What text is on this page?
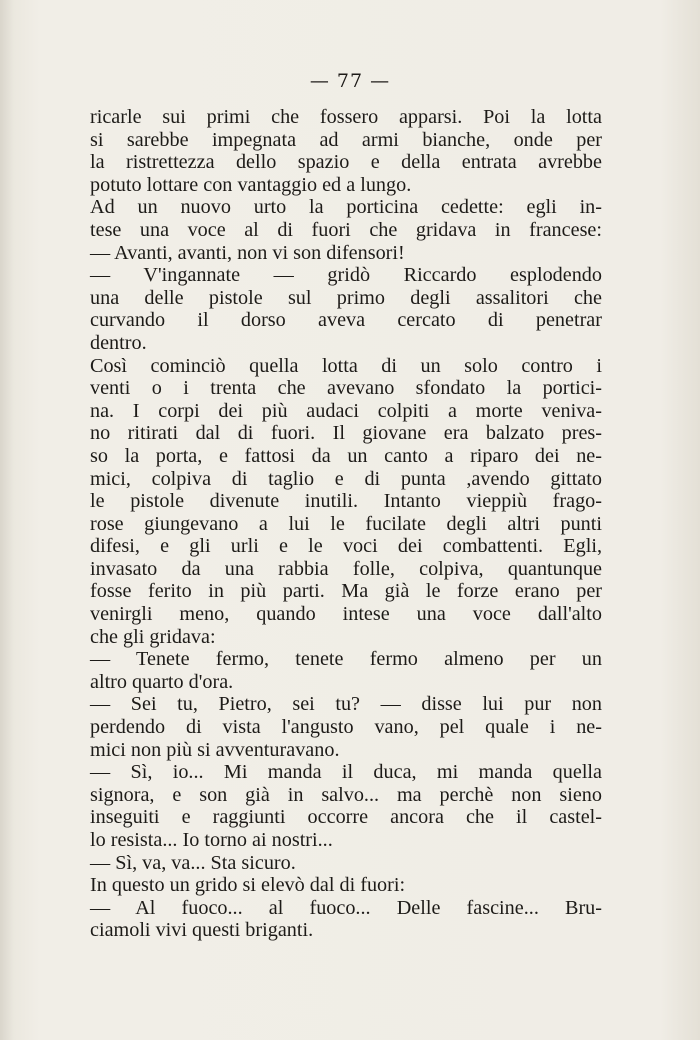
— 77 —
ricarle sui primi che fossero apparsi. Poi la lotta
si sarebbe impegnata ad armi bianche, onde per
la ristrettezza dello spazio e della entrata avrebbe
potuto lottare con vantaggio ed a lungo.
Ad un nuovo urto la porticina cedette: egli in-
tese una voce al di fuori che gridava in francese:
— Avanti, avanti, non vi son difensori!
— V'ingannate — gridò Riccardo esplodendo
una delle pistole sul primo degli assalitori che
curvando il dorso aveva cercato di penetrar
dentro.
Così cominciò quella lotta di un solo contro i
venti o i trenta che avevano sfondato la portici-
na. I corpi dei più audaci colpiti a morte veniva-
no ritirati dal di fuori. Il giovane era balzato pres-
so la porta, e fattosi da un canto a riparo dei ne-
mici, colpiva di taglio e di punta ,avendo gittato
le pistole divenute inutili. Intanto vieppiù frago-
rose giungevano a lui le fucilate degli altri punti
difesi, e gli urli e le voci dei combattenti. Egli,
invasato da una rabbia folle, colpiva, quantunque
fosse ferito in più parti. Ma già le forze erano per
venirgli meno, quando intese una voce dall'alto
che gli gridava:
— Tenete fermo, tenete fermo almeno per un
altro quarto d'ora.
— Sei tu, Pietro, sei tu? — disse lui pur non
perdendo di vista l'angusto vano, pel quale i ne-
mici non più si avventuravano.
— Sì, io... Mi manda il duca, mi manda quella
signora, e son già in salvo... ma perchè non sieno
inseguiti e raggiunti occorre ancora che il castel-
lo resista... Io torno ai nostri...
— Sì, va, va... Sta sicuro.
In questo un grido si elevò dal di fuori:
— Al fuoco... al fuoco... Delle fascine... Bru-
ciamoli vivi questi briganti.
